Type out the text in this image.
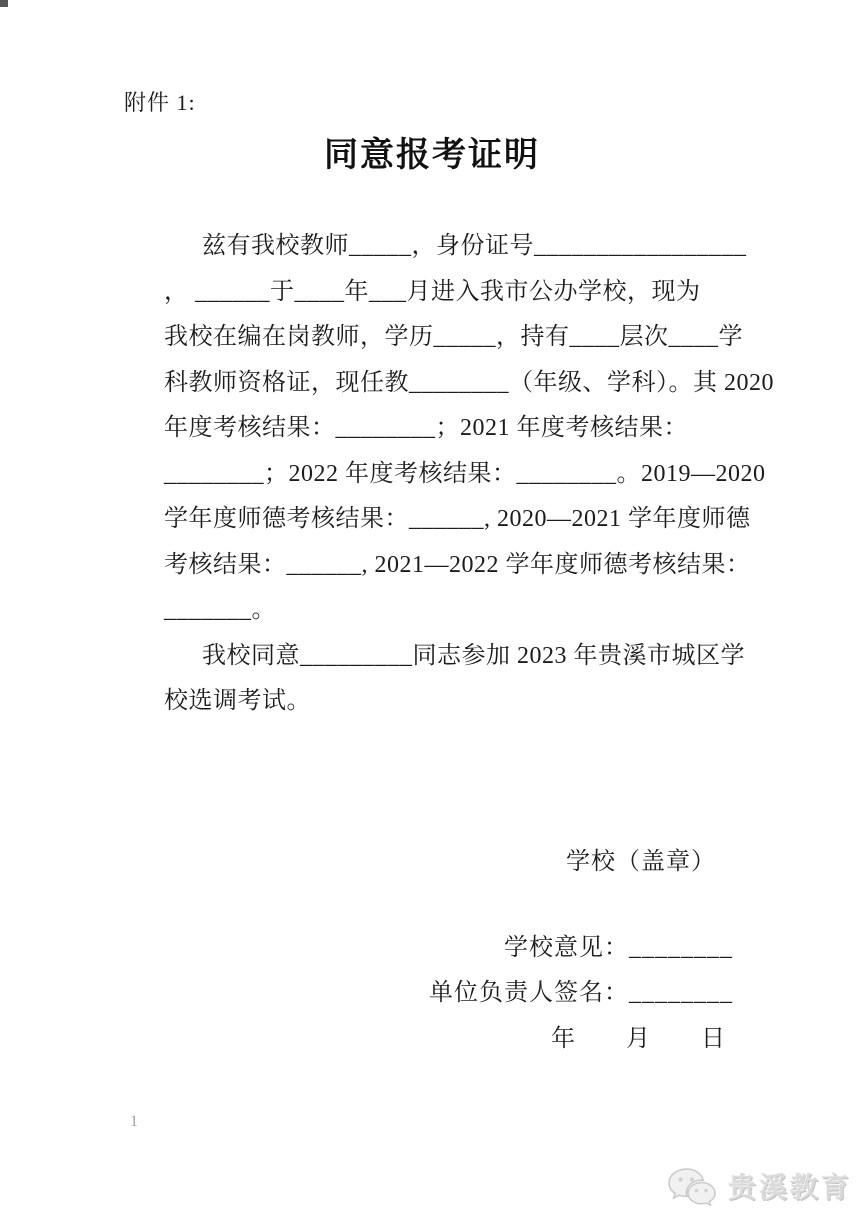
附件 1:
同意报考证明
兹有我校教师_____，身份证号_________________
， ______于____年___月进入我市公办学校，现为
我校在编在岗教师，学历_____，持有____层次____学
科教师资格证，现任教________（年级、学科）。其 2020
年度考核结果：________；2021 年度考核结果：
________；2022 年度考核结果：________。2019—2020
学年度师德考核结果：______, 2020—2021 学年度师德
考核结果：______, 2021—2022 学年度师德考核结果：
_______。
我校同意_________同志参加 2023 年贵溪市城区学
校选调考试。
学校（盖章）
学校意见：________
单位负责人签名：________
年　　月　　日
1
贵溪教育
